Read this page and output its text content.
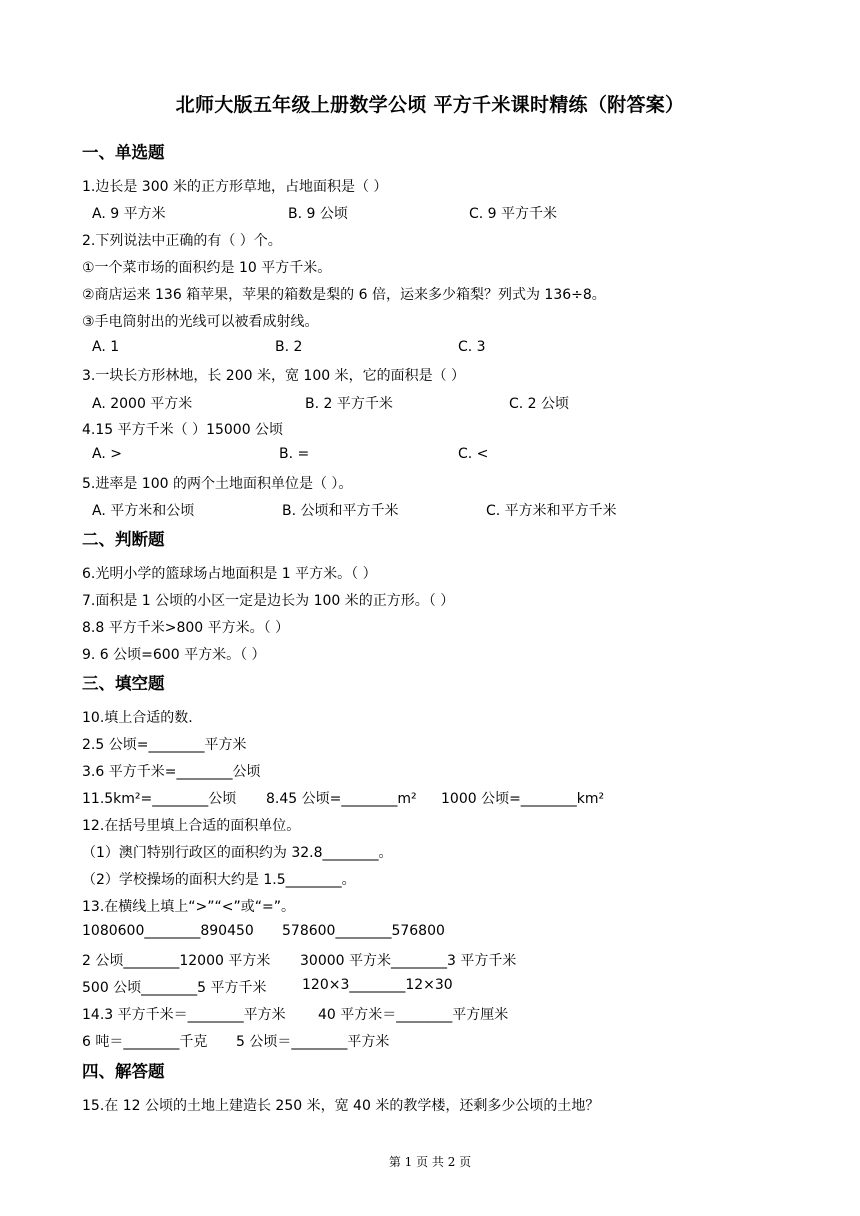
北师大版五年级上册数学公顷 平方千米课时精练（附答案）
一、单选题
1.边长是 300 米的正方形草地，占地面积是（ ）
A. 9 平方米	B. 9 公顷	C. 9 平方千米
2.下列说法中正确的有（ ）个。
①一个菜市场的面积约是 10 平方千米。
②商店运来 136 箱苹果，苹果的箱数是梨的 6 倍，运来多少箱梨？列式为 136÷8。
③手电筒射出的光线可以被看成射线。
A. 1	B. 2	C. 3
3.一块长方形林地，长 200 米，宽 100 米，它的面积是（ ）
A. 2000 平方米	B. 2 平方千米	C. 2 公顷
4.15 平方千米（ ）15000 公顷
A. >	B. =	C. <
5.进率是 100 的两个土地面积单位是（ ）。
A. 平方米和公顷	B. 公顷和平方千米	C. 平方米和平方千米
二、判断题
6.光明小学的篮球场占地面积是 1 平方米。（ ）
7.面积是 1 公顷的小区一定是边长为 100 米的正方形。（ ）
8.8 平方千米>800 平方米。（ ）
9. 6 公顷=600 平方米。（ ）
三、填空题
10.填上合适的数.
2.5 公顷=________平方米
3.6 平方千米=________公顷
11.5km²=________公顷 8.45 公顷=________m² 1000 公顷=________km²
12.在括号里填上合适的面积单位。
（1）澳门特别行政区的面积约为 32.8________。
（2）学校操场的面积大约是 1.5________。
13.在横线上填上“>”“<”或“=”。
1080600________890450 578600________576800
2 公顷________12000 平方米 30000 平方米________3 平方千米
500 公顷________5 平方千米	120×3________12×30
14.3 平方千米＝________平方米 40 平方米＝________平方厘米
6 吨＝________千克 5 公顷＝________平方米
四、解答题
15.在 12 公顷的土地上建造长 250 米，宽 40 米的教学楼，还剩多少公顷的土地？
第 1 页 共 2 页
